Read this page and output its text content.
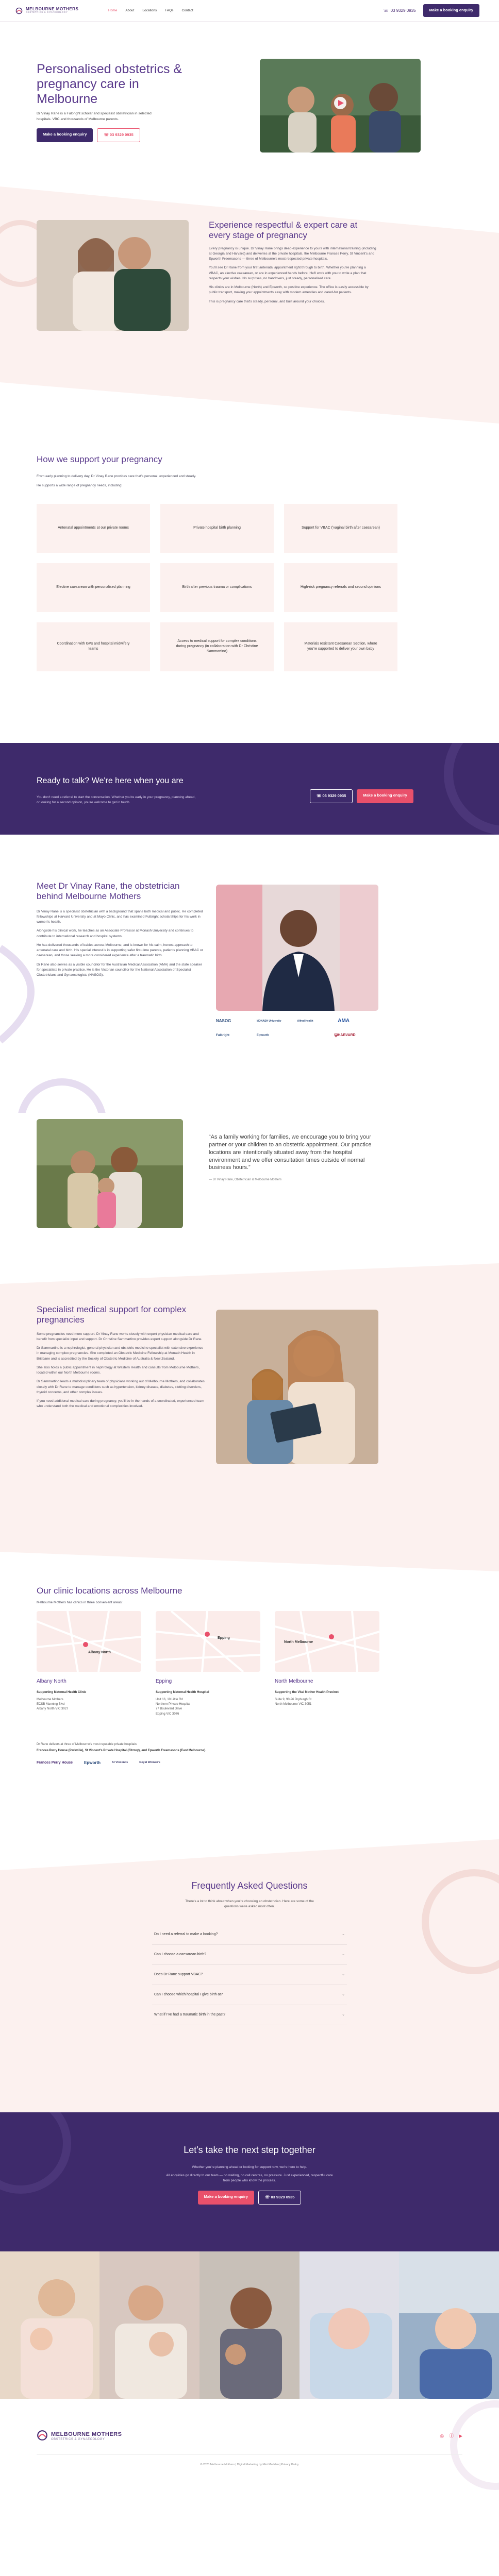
MELBOURNE MOTHERS
OBSTETRICS & GYNAECOLOGY
Home About Locations FAQs Contact	☏ 03 9329 0935	Make a booking enquiry
Personalised obstetrics & pregnancy care in Melbourne

Dr Vinay Rane is a Fulbright scholar and specialist obstetrician in selected hospitals. VBC and thousands of Melbourne parents.

Make a booking enquiry	☏ 03 9329 0935
Experience respectful & expert care at every stage of pregnancy

Every pregnancy is unique. Dr Vinay Rane brings deep experience to yours with international training (including at Georgia and Harvard) and deliveries at the private hospitals, the Melbourne Frances Perry, St Vincent's and Epworth Freemasons — three of Melbourne's most respected private hospitals.

You'll see Dr Rane from your first antenatal appointment right through to birth. Whether you're planning a VBAC, an elective caesarean, or are in experienced hands before. He'll work with you to write a plan that respects your wishes. No surprises, no handovers, just steady, personalised care.

His clinics are in Melbourne (North) and Epworth, so positive experience. The office is easily accessible by public transport, making your appointments easy with modern amenities and cared-for patients.

This is pregnancy care that's steady, personal, and built around your choices.

How we support your pregnancy

From early planning to delivery day, Dr Vinay Rane provides care that's personal, experienced and steady.

He supports a wide range of pregnancy needs, including:

Antenatal appointments at our private rooms	Private hospital birth planning	Support for VBAC ('vaginal birth after caesarean)
Elective caesarean with personalised planning	Birth after previous trauma or complications	High-risk pregnancy referrals and second opinions
Coordination with GPs and hospital midwifery teams
Access to medical support for complex conditions during pregnancy (in collaboration with Dr Christine Sammartino)
Materials resistant Caesarean Section, where you're supported to deliver your own baby
Ready to talk? We're here when you are

You don't need a referral to start the conversation. Whether you're early in your pregnancy, planning ahead, or looking for a second opinion, you're welcome to get in touch.

☏ 03 9329 0935	Make a booking enquiry
Meet Dr Vinay Rane, the obstetrician behind Melbourne Mothers

Dr Vinay Rane is a specialist obstetrician with a background that spans both medical and public. He completed fellowships at Harvard University and at Mayo Clinic, and has examined Fulbright scholarships for his work in women's health.

Alongside his clinical work, he teaches as an Associate Professor at Monash University and continues to contribute to international research and hospital systems.

He has delivered thousands of babies across Melbourne, and is known for his calm, honest approach to antenatal care and birth. His special interest is in supporting safer first-time parents, patients planning VBAC or caesarean, and those seeking a more considered experience after a traumatic birth.

Dr Rane also serves as a visible councillor for the Australian Medical Association (AMA) and the state speaker for specialists in private practice. He is the Victorian councillor for the National Association of Specialist Obstetricians and Gynaecologists (NASOG).

NASOG	MONASH University	Alfred Health	AMA
Fulbright	Epworth	⛨ HARVARD

“As a family working for families, we encourage you to bring your partner or your children to an obstetric appointment. Our practice locations are intentionally situated away from the hospital environment and we offer consultation times outside of normal business hours.”

— Dr Vinay Rane, Obstetrician & Melbourne Mothers

Specialist medical support for complex pregnancies

Some pregnancies need more support. Dr Vinay Rane works closely with expert physician medical care and benefit from specialist input and support. Dr Christine Sammartino provides expert support alongside Dr Rane.

Dr Sammartino is a nephrologist, general physician and obstetric medicine specialist with extensive experience in managing complex pregnancies. She completed an Obstetric Medicine Fellowship at Monash Health in Brisbane and is accredited by the Society of Obstetric Medicine of Australia & New Zealand.

She also holds a public appointment in nephrology at Western Health and consults from Melbourne Mothers, located within our North Melbourne rooms.

Dr Sammartino leads a multidisciplinary team of physicians working out of Melbourne Mothers, and collaborates closely with Dr Rane to manage conditions such as hypertension, kidney disease, diabetes, clotting disorders, thyroid concerns, and other complex issues.

If you need additional medical care during pregnancy, you'll be in the hands of a coordinated, experienced team who understand both the medical and emotional complexities involved.

Our clinic locations across Melbourne

Melbourne Mothers has clinics in three convenient areas:

Albany North
Albany North

Supporting Maternal Health Clinic

Melbourne Mothers
ECSB Manning Blvd
Albany North VIC 3027

Epping
Epping

Supporting Maternal Health Hospital

Unit 16, 10 Little Rd
Northern Private Hospital
77 Boulevard Drive
Epping VIC 3076

North Melbourne
North Melbourne

Supporting the Vital Mother Health Precinct

Suite 9, 90-96 Dryburgh St
North Melbourne VIC 3051

Dr Rane delivers at three of Melbourne's most reputable private hospitals:

Frances Perry House (Parkville), St Vincent's Private Hospital (Fitzroy), and Epworth Freemasons (East Melbourne).

Frances Perry House	Epworth	St Vincent's	Royal Women's
Frequently Asked Questions

There's a lot to think about when you're choosing an obstetrician. Here are some of the questions we're asked most often.

Do I need a referral to make a booking?	⌄
Can I choose a caesarean birth?	⌄
Does Dr Rane support VBAC?	⌄
Can I choose which hospital I give birth at?	⌄
What if I've had a traumatic birth in the past?	⌄
Let's take the next step together

Whether you're planning ahead or looking for support now, we're here to help.

All enquiries go directly to our team — no waiting, no call centres, no pressure. Just experienced, respectful care from people who know the process.

Make a booking enquiry	☏ 03 9329 0935
MELBOURNE MOTHERS
OBSTETRICS & GYNAECOLOGY
◎ ⓕ ▶
© 2025 Melbourne Mothers | Digital Marketing by Mini Madden | Privacy Policy
